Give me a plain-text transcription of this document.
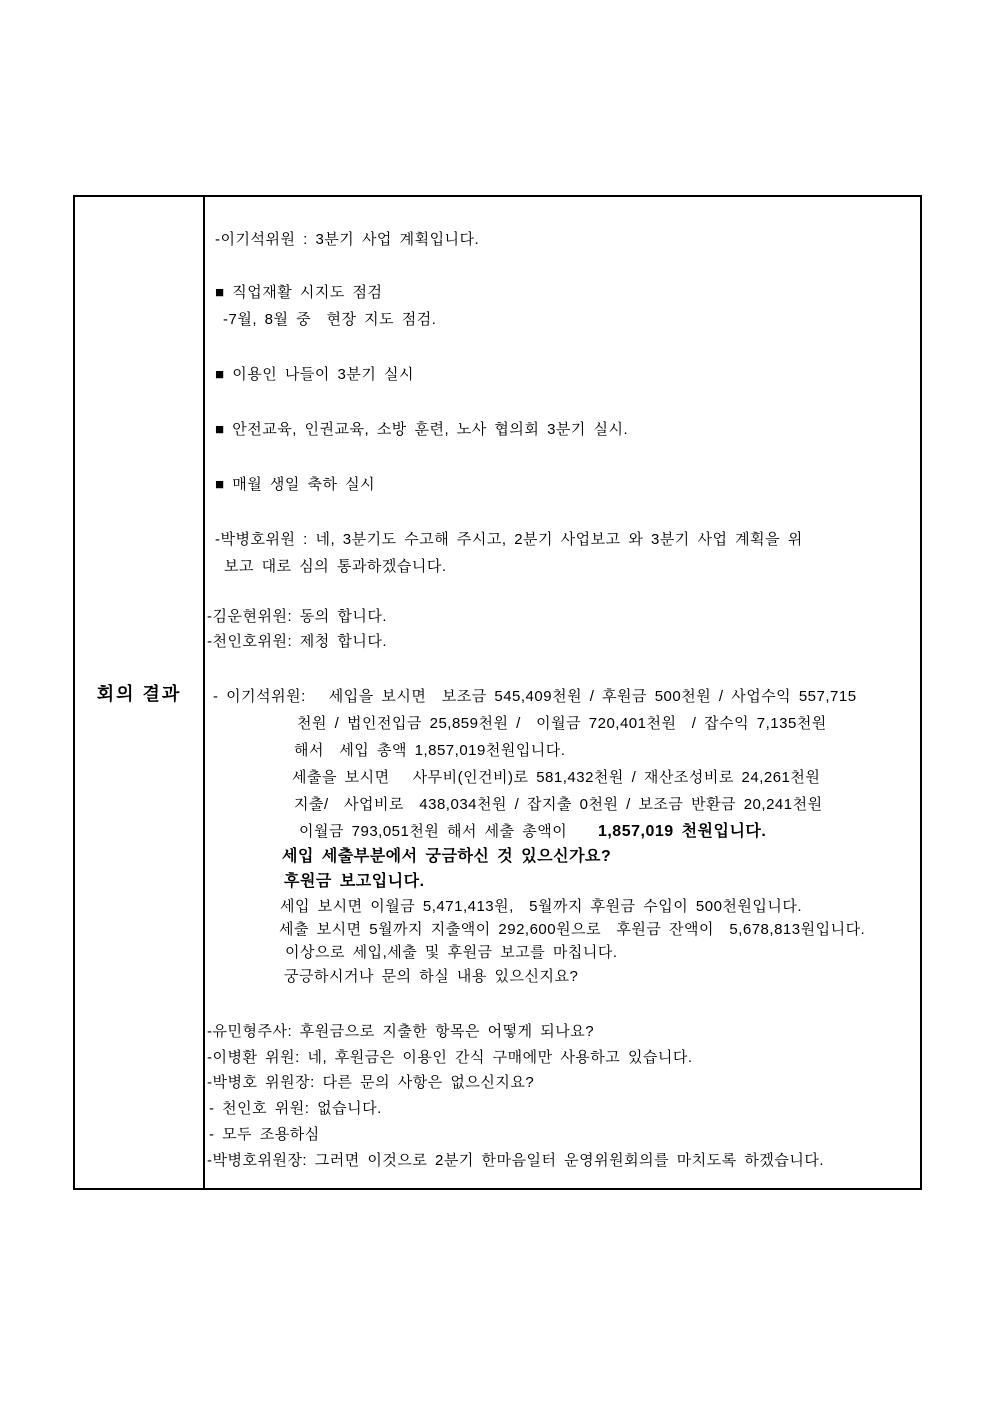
회의 결과
-이기석위원 : 3분기 사업 계획입니다.
■ 직업재활 시지도 점검
-7월, 8월 중  현장 지도 점검.
■ 이용인 나들이 3분기 실시
■ 안전교육, 인권교육, 소방 훈련, 노사 협의회 3분기 실시.
■ 매월 생일 축하 실시
-박병호위원 : 네, 3분기도 수고해 주시고, 2분기 사업보고 와 3분기 사업 계획을 위
보고 대로 심의 통과하겠습니다.
-김운현위원: 동의 합니다.
-천인호위원: 제청 합니다.
- 이기석위원:   세입을 보시면  보조금 545,409천원 / 후원금 500천원 / 사업수익 557,715
천원 / 법인전입금 25,859천원 /  이월금 720,401천원  / 잡수익 7,135천원
해서  세입 총액 1,857,019천원입니다.
세출을 보시면   사무비(인건비)로 581,432천원 / 재산조성비로 24,261천원
지출/  사업비로  438,034천원 / 잡지출 0천원 / 보조금 반환금 20,241천원
이월금 793,051천원 해서 세출 총액이    1,857,019 천원입니다.
세입 세출부분에서 궁금하신 것 있으신가요?
후원금 보고입니다.
세입 보시면 이월금 5,471,413원,  5월까지 후원금 수입이 500천원입니다.
세출 보시면 5월까지 지출액이 292,600원으로  후원금 잔액이  5,678,813원입니다.
이상으로 세입,세출 및 후원금 보고를 마칩니다.
궁긍하시거나 문의 하실 내용 있으신지요?
-유민형주사: 후원금으로 지출한 항목은 어떻게 되나요?
-이병환 위원: 네, 후원금은 이용인 간식 구매에만 사용하고 있습니다.
-박병호 위원장: 다른 문의 사항은 없으신지요?
- 천인호 위원: 없습니다.
- 모두 조용하심
-박병호위원장: 그러면 이것으로 2분기 한마음일터 운영위원회의를 마치도록 하겠습니다.
